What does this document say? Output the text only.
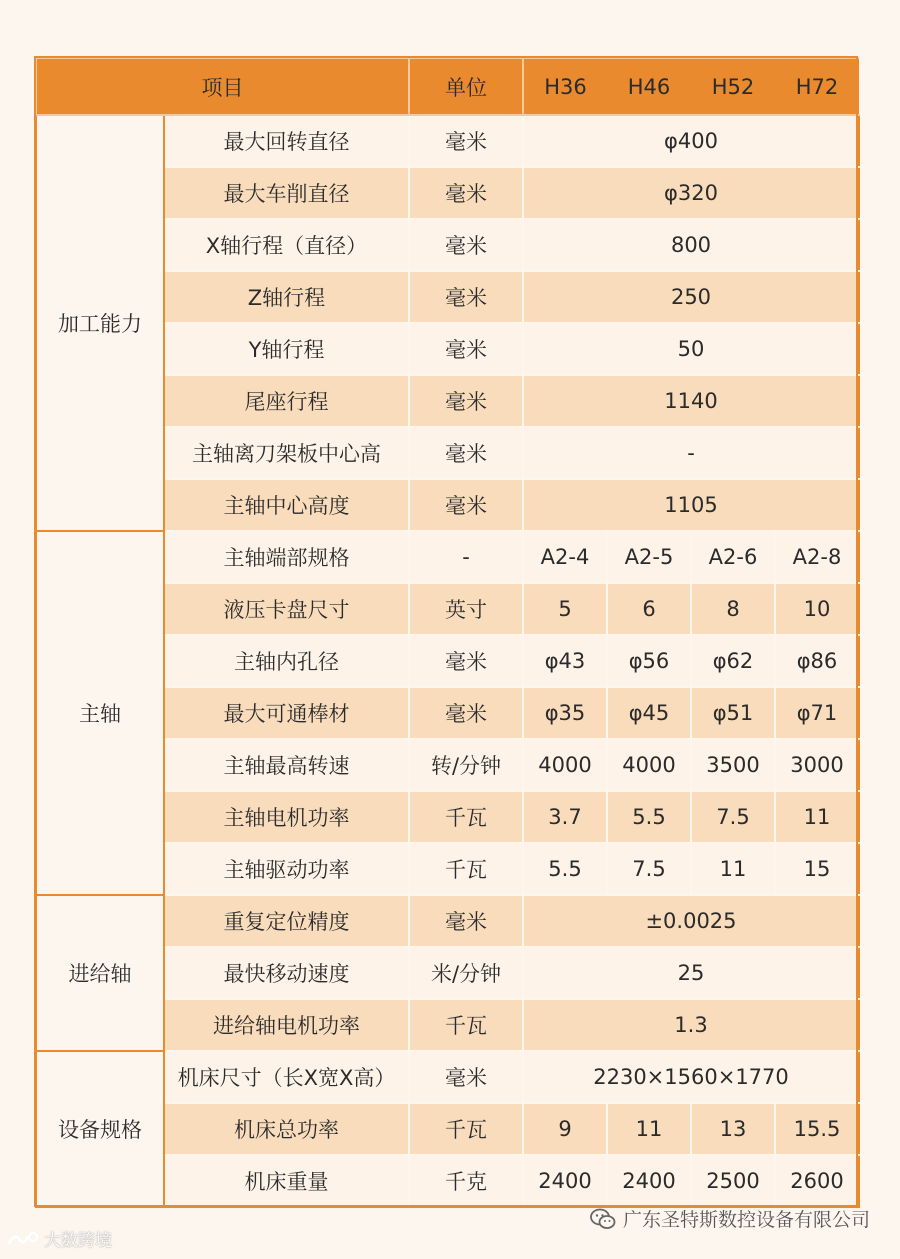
项目		单位	H36	H46	H52	H72
加工能力	最大回转直径	毫米	φ400			
	最大车削直径	毫米	φ320			
	X轴行程（直径）	毫米	800			
	Z轴行程	毫米	250			
	Y轴行程	毫米	50			
	尾座行程	毫米	1140			
	主轴离刀架板中心高	毫米	-			
	主轴中心高度	毫米	1105			
主轴	主轴端部规格	-	A2-4	A2-5	A2-6	A2-8
	液压卡盘尺寸	英寸	5	6	8	10
	主轴内孔径	毫米	φ43	φ56	φ62	φ86
	最大可通棒材	毫米	φ35	φ45	φ51	φ71
	主轴最高转速	转/分钟	4000	4000	3500	3000
	主轴电机功率	千瓦	3.7	5.5	7.5	11
	主轴驱动功率	千瓦	5.5	7.5	11	15
进给轴	重复定位精度	毫米	±0.0025			
	最快移动速度	米/分钟	25			
	进给轴电机功率	千瓦	1.3			
设备规格	机床尺寸（长X宽X高）	毫米	2230×1560×1770			
	机床总功率	千瓦	9	11	13	15.5
	机床重量	千克	2400	2400	2500	2600
大数跨境
广东圣特斯数控设备有限公司
